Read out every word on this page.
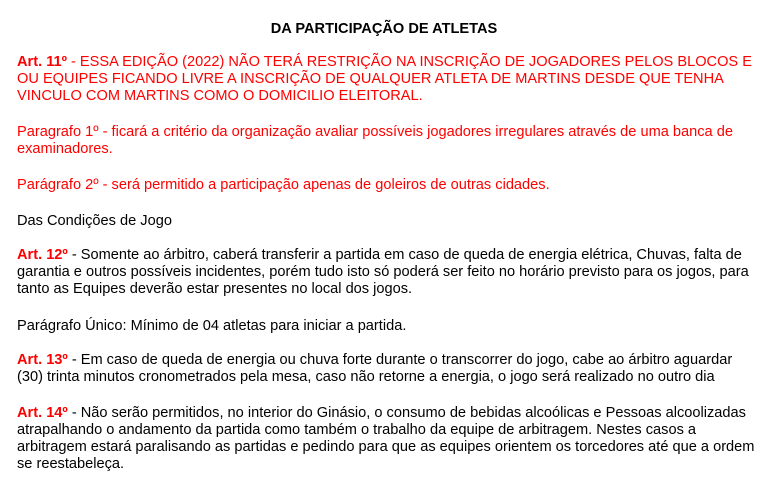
DA PARTICIPAÇÃO DE ATLETAS

Art. 11º - ESSA EDIÇÃO (2022) NÃO TERÁ RESTRIÇÃO NA INSCRIÇÃO DE JOGADORES PELOS BLOCOS E OU EQUIPES FICANDO LIVRE A INSCRIÇÃO DE QUALQUER ATLETA DE MARTINS DESDE QUE TENHA VINCULO COM MARTINS COMO O DOMICILIO ELEITORAL.

Paragrafo 1º - ficará a critério da organização avaliar possíveis jogadores irregulares através de uma banca de examinadores.

Parágrafo 2º - será permitido a participação apenas de goleiros de outras cidades.

Das Condições de Jogo

Art. 12º - Somente ao árbitro, caberá transferir a partida em caso de queda de energia elétrica, Chuvas, falta de garantia e outros possíveis incidentes, porém tudo isto só poderá ser feito no horário previsto para os jogos, para tanto as Equipes deverão estar presentes no local dos jogos.

Parágrafo Único: Mínimo de 04 atletas para iniciar a partida.

Art. 13º - Em caso de queda de energia ou chuva forte durante o transcorrer do jogo, cabe ao árbitro aguardar (30) trinta minutos cronometrados pela mesa, caso não retorne a energia, o jogo será realizado no outro dia

Art. 14º - Não serão permitidos, no interior do Ginásio, o consumo de bebidas alcoólicas e Pessoas alcoolizadas atrapalhando o andamento da partida como também o trabalho da equipe de arbitragem. Nestes casos a arbitragem estará paralisando as partidas e pedindo para que as equipes orientem os torcedores até que a ordem se reestabeleça.
